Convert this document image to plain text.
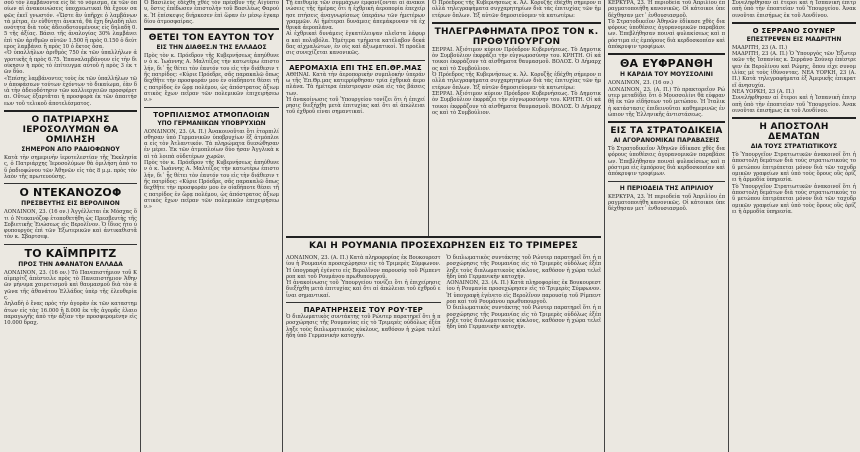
σοῦ τὸν λαμβάνοντα εἰς δὲ τὸ νόμισμα, ἐκ τῶν ὁποίων αἱ ἀνακοινώσεις ὑποχρεωτικαὶ θὰ ἔχουν σαφῶς ἐκεῖ γνωστόν. «Ὥστε ἂν ὑπῆρχε ὁ λαμβάνων τὰ μέτρα, ἐν εὐθύτητι ἀνεκτά, θὰ ἔχη δηλαδὴ πλειονότητα διὰ τοὺς ἀδειοδοτουμένους εἰς δηλαδὴ 0.5 τῆς ἀξίας. Βάσει τῆς ἀναλογίας 30% λαμβάνει ἐπὶ τῶν ἀριθμῶν αὐτῶν 1.500 ἢ πρὸς 0.150 ὁ δεύτερος λαμβάνει ἢ πρὸς 10 ὁ ἕκτος ὅσα.

«Ὁ ὑπαλλήλων ἀριθμὸς 750 ἐκ τῶν ὑπαλλήλων ἀγροτικῆς ἡ πρὸς 6.75. Ἐπαναλαμβάνουν εἰς τὴν διοίκησιν ἡ πρὸς τὸ ἐπίτευγμα αὐτοῦ ἡ πρὸς 3 ἐκ τῶν δύο.

«Ἐπίσης λαμβάνοντες τοὺς ἐκ τῶν ὑπαλλήλων τῶν ἀποφάσεων τούτων ἐχόντων τὸ δικαίωμα, ἐὰν διὰ τὴν ἀδειοδότησιν τῶν καλλιεργειῶν προσφέρεται. Οὕτως ἐξαρτᾶται ἡ προσφορὰ ἐκ τῶν ἀπαιτήσεων τοῦ τελικοῦ ἀποτελέσματος.

Ο ΠΑΤΡΙΑΡΧΗΣ ΙΕΡΟΣΟΛΥΜΩΝ ΘΑ ΟΜΙΛΗΣΗ

ΣΗΜΕΡΟΝ ΑΠΟ ΡΑΔΙΟΦΩΝΟΥ

Κατὰ τὴν σημερινὴν ἱεροτελεστίαν τῆς Ἐκκλησίας, ὁ Πατριάρχης Ἱεροσολύμων θὰ ὁμιλήση ἀπὸ τοῦ ῥαδιοφώνου τῶν Ἀθηνῶν εἰς τὰς 8 μ.μ. πρὸς τὸν λαὸν τῆς πρωτευούσης.

Ο ΝΤΕΚΑΝΟΖΟΦ

ΠΡΕΣΒΕΥΤΗΣ ΕΙΣ ΒΕΡΟΛΙΝΟΝ

ΛΟΝΔΙΝΟΝ, 23. (16 ον.) Ἀγγέλλεται ἐκ Μόσχας ὅτι ὁ Ντεκανόζοφ ἐτοποθετήθη ὡς Πρεσβευτὴς τῆς Σοβιετικῆς Ἑνώσεως εἰς Βερολῖνον. Ὁ ἴδιος ἦτο ὑφυπουργὸς ἐπὶ τῶν Ἐξωτερικῶν καὶ ἀντικαθιστᾶ τὸν κ. Σβαρτσεφ.

ΤΟ ΚΑΪΜΠΡΙΤΖ

ΠΡΟΣ ΤΗΝ ΑΦΑΝΑΤΟΝ ΕΛΛΑΔΑ

ΛΟΝΔΙΝΟΝ, 23. (16 ον.) Τὸ Πανεπιστήμιον τοῦ Καϊμπρίτζ ἀπέστειλε πρὸς τὸ Πανεπιστήμιον Ἀθηνῶν μήνυμα χαιρετισμοῦ καὶ θαυμασμοῦ διὰ τὸν ἀγῶνα τῆς ἀθανάτου Ἑλλάδος ὑπὲρ τῆς ἐλευθερίας.

Δηλαδὴ ὁ ἕνας πρὸς τὴν ἀγορὰν ἐκ τῶν καταστημάτων εἰς τὰς 16.000 ἢ 8.000 ἐκ τῆς ἀγορᾶς ἐλαιοπαραγωγῆς ἀπὸ τὴν ἀξίαν τὴν προσφερομένην εἰς 10.000 δραχ.

Ὁ Βασιλεὺς ἐδέχθη χθὲς τὸν πρέσβυν τῆς Αἰγύπτου, ὅστις ἐπέδωσεν ἐπιστολὴν τοῦ Βασιλέως Φαρούκ. Ἡ ἐπίσκεψις διήρκεσεν ἐπὶ ὥραν ἐν μέσῳ ἐγκαρδίου ἀτμοσφαίρας.

ΘΕΤΕΙ ΤΟΝ ΕΑΥΤΟΝ ΤΟΥ

ΕΙΣ ΤΗΝ ΔΙΑΘΕΣ.Ν ΤΗΣ ΕΛΛΑΔΟΣ

Πρὸς τὸν κ. Πρόεδρον τῆς Κυβερνήσεως ἀπηύθυνεν ὁ κ. Ἰωάννης Α. Μαλτέζος τὴν κατωτέρω ἐπιστολήν, δι᾽ ἧς θέτει τὸν ἑαυτόν του εἰς τὴν διάθεσιν τῆς πατρίδος: «Κύριε Πρόεδρε, σᾶς παρακαλῶ ὅπως δεχθῆτε τὴν προσφοράν μου ἐν οἱαδήποτε θέσει τῆς πατρίδος ἐν ὥρᾳ πολέμου, ὡς ἀπόστρατος ἀξιωματικὸς ἔχων πεῖραν τῶν πολεμικῶν ἐπιχειρήσεων.»

ΤΟΡΠΙΛΙΣΜΟΣ ΑΤΜΟΠΛΟΙΩΝ

ΥΠΟ ΓΕΡΜΑΝΙΚΩΝ ΥΠΟΒΡΥΧΙΩΝ

ΛΟΝΔΙΝΟΝ, 23. (Α. Π.) Ἀνακοινοῦται ὅτι ἐτορπιλίσθησαν ὑπὸ Γερμανικῶν ὑποβρυχίων ἓξ ἀτμόπλοια εἰς τὸν Ἀτλαντικόν. Τὰ πληρώματα διεσώθησαν ἐν μέρει. Ἐκ τῶν ἀτμοπλοίων δύο ἦσαν Ἀγγλικὰ καὶ τὰ λοιπὰ οὐδετέρων χωρῶν.

Πρὸς τὸν κ. Πρόεδρον τῆς Κυβερνήσεως ἀπηύθυνεν ὁ κ. Ἰωάννης Α. Μαλτέζος τὴν κατωτέρω ἐπιστολήν, δι᾽ ἧς θέτει τὸν ἑαυτόν του εἰς τὴν διάθεσιν τῆς πατρίδος: «Κύριε Πρόεδρε, σᾶς παρακαλῶ ὅπως δεχθῆτε τὴν προσφοράν μου ἐν οἱαδήποτε θέσει τῆς πατρίδος ἐν ὥρᾳ πολέμου, ὡς ἀπόστρατος ἀξιωματικὸς ἔχων πεῖραν τῶν πολεμικῶν ἐπιχειρήσεων.»

Τῇ ἐπιθυμίᾳ τῶν συμμάχων ἐμφανίζονται αἱ ἀνακοινώσεις τῆς ἡμέρας ὅτι ἡ ἐχθρικὴ ἀεροπορία ἐπεχείρησε πτήσεις ἀναγνωρίσεως ὑπεράνω τῶν ἡμετέρων γραμμῶν. Αἱ ἡμέτεραι δυνάμεις ἀπεμάκρυναν τὰ ἐχθρικὰ ἀεροπλάνα.

Αἱ ἐχθρικαὶ δυνάμεις ἐγκατέλειψαν πλεῖστα λάφυρα καὶ πολυβόλα. Ἡμέτερα τμήματα κατέλαβον δεκάδας αἰχμαλώτων, ἐν οἷς καὶ ἀξιωματικοί. Ἡ προέλασις συνεχίζεται κανονικῶς.

ΑΕΡΟΜΑΧΙΑ ΕΠΙ ΤΗΣ ΕΠ.ΘΡ.ΜΑΣ

ΑΘΗΝΑΙ. Κατὰ τὴν ἀεροπορικὴν συμπλοκὴν ὑπεράνω τῆς Ἐπ.Θρ.μας κατερρίφθησαν τρία ἐχθρικὰ ἀεροπλάνα. Τὰ ἡμέτερα ἐπέστρεψαν σῶα εἰς τὰς βάσεις των.

Ἡ ἀνακοίνωσις τοῦ Ὑπουργείου τονίζει ὅτι ἡ ἐπιχείρησις διεξήχθη μετὰ ἐπιτυχίας καὶ ὅτι αἱ ἀπώλειαι τοῦ ἐχθροῦ εἶναι σημαντικαί.

Ὁ Πρόεδρος τῆς Κυβερνήσεως κ. Ἀλ. Κορυζῆς ἐδέχθη σήμερον πολλὰ τηλεγραφήματα συγχαρητηρίων διὰ τὰς ἐπιτυχίας τῶν ἡμετέρων ὅπλων. Ἐξ αὐτῶν δημοσιεύομεν τὰ κατωτέρω:

ΤΗΛΕΓΡΑΦΗΜΑΤΑ ΠΡΟΣ ΤΟΝ κ. ΠΡΟΘΥΠΟΥΡΓΟΝ

ΣΕΡΡΑΙ. Ἀξιότιμον κύριον Πρόεδρον Κυβερνήσεως. Τὸ Δημοτικὸν Συμβούλιον ἐκφράζει τὴν εὐγνωμοσύνην του. ΚΡΗΤΗ. Οἱ κάτοικοι ἐκφράζουν τὰ αἰσθήματα θαυμασμοῦ. ΒΟΛΟΣ. Ὁ Δήμαρχος καὶ τὸ Συμβούλιον.

Ὁ Πρόεδρος τῆς Κυβερνήσεως κ. Ἀλ. Κορυζῆς ἐδέχθη σήμερον πολλὰ τηλεγραφήματα συγχαρητηρίων διὰ τὰς ἐπιτυχίας τῶν ἡμετέρων ὅπλων. Ἐξ αὐτῶν δημοσιεύομεν τὰ κατωτέρω:

ΣΕΡΡΑΙ. Ἀξιότιμον κύριον Πρόεδρον Κυβερνήσεως. Τὸ Δημοτικὸν Συμβούλιον ἐκφράζει τὴν εὐγνωμοσύνην του. ΚΡΗΤΗ. Οἱ κάτοικοι ἐκφράζουν τὰ αἰσθήματα θαυμασμοῦ. ΒΟΛΟΣ. Ὁ Δήμαρχος καὶ τὸ Συμβούλιον.

ΚΑΙ Η ΡΟΥΜΑΝΙΑ ΠΡΟΣΕΧΩΡΗΣΕΝ ΕΙΣ ΤΟ ΤΡΙΜΕΡΕΣ

ΛΟΝΔΙΝΟΝ, 23. (Α. Π.) Κατὰ πληροφορίας ἐκ Βουκουρεστίου ἡ Ρουμανία προσεχώρησεν εἰς τὸ Τριμερὲς Σύμφωνον. Ἡ ὑπογραφὴ ἐγένετο εἰς Βερολῖνον παρουσίᾳ τοῦ Ρίμπεντροπ καὶ τοῦ Ρουμάνου πρωθυπουργοῦ.

Ἡ ἀνακοίνωσις τοῦ Ὑπουργείου τονίζει ὅτι ἡ ἐπιχείρησις διεξήχθη μετὰ ἐπιτυχίας καὶ ὅτι αἱ ἀπώλειαι τοῦ ἐχθροῦ εἶναι σημαντικαί.

ΠΑΡΑΤΗΡΗΣΕΙΣ ΤΟΥ ΡΟΥ·ΤΕΡ

Ὁ διπλωματικὸς συντάκτης τοῦ Ρώυτερ παρατηρεῖ ὅτι ἡ προσχώρησις τῆς Ρουμανίας εἰς τὸ Τριμερὲς οὐδόλως ἐξέπληξε τοὺς διπλωματικοὺς κύκλους, καθόσον ἡ χώρα τελεῖ ἤδη ὑπὸ Γερμανικὴν κατοχήν.

Ὁ διπλωματικὸς συντάκτης τοῦ Ρώυτερ παρατηρεῖ ὅτι ἡ προσχώρησις τῆς Ρουμανίας εἰς τὸ Τριμερὲς οὐδόλως ἐξέπληξε τοὺς διπλωματικοὺς κύκλους, καθόσον ἡ χώρα τελεῖ ἤδη ὑπὸ Γερμανικὴν κατοχήν.

ΛΟΝΔΙΝΟΝ, 23. (Α. Π.) Κατὰ πληροφορίας ἐκ Βουκουρεστίου ἡ Ρουμανία προσεχώρησεν εἰς τὸ Τριμερὲς Σύμφωνον. Ἡ ὑπογραφὴ ἐγένετο εἰς Βερολῖνον παρουσίᾳ τοῦ Ρίμπεντροπ καὶ τοῦ Ρουμάνου πρωθυπουργοῦ.

Ὁ διπλωματικὸς συντάκτης τοῦ Ρώυτερ παρατηρεῖ ὅτι ἡ προσχώρησις τῆς Ρουμανίας εἰς τὸ Τριμερὲς οὐδόλως ἐξέπληξε τοὺς διπλωματικοὺς κύκλους, καθόσον ἡ χώρα τελεῖ ἤδη ὑπὸ Γερμανικὴν κατοχήν.

ΚΕΡΚΥΡΑ, 23. Ἡ περιοδεία τοῦ Ἀπριλίου ἐπραγματοποιήθη κανονικῶς. Οἱ κάτοικοι ὑπεδέχθησαν μετ᾽ ἐνθουσιασμοῦ.

Τὸ Στρατοδικεῖον Ἀθηνῶν ἐδίκασε χθὲς διαφόρους ὑποθέσεις ἀγορανομικῶν παραβάσεων. Ἐπεβλήθησαν ποιναὶ φυλακίσεως καὶ πρόστιμα εἰς ἐμπόρους διὰ κερδοσκοπίαν καὶ ἀπόκρυψιν τροφίμων.

ΘΑ ΕΥΦΡΑΝΘΗ

Η ΚΑΡΔΙΑ ΤΟΥ ΜΟΥΣΣΟΛΙΝΙ

ΛΟΝΔΙΝΟΝ, 23. (16 ον.)

ΛΟΝΔΙΝΟΝ, 23. (Α. Π.) Τὸ πρακτορεῖον Ρώυτερ μεταδίδει ὅτι ὁ Μουσσολίνι θὰ εὐφρανθῆ ἐκ τῶν εἰδήσεων τοῦ μετώπου. Ἡ Ἰταλικὴ κατάστασις ἐπιδεινοῦται καθημερινῶς ἐνώπιον τῆς Ἑλληνικῆς ἀντιστάσεως.

ΕΙΣ ΤΑ ΣΤΡΑΤΟΔΙΚΕΙΑ

ΑΙ ΑΓΟΡΑΝΟΜΙΚΑΙ ΠΑΡΑΒΑΣΕΙΣ

Τὸ Στρατοδικεῖον Ἀθηνῶν ἐδίκασε χθὲς διαφόρους ὑποθέσεις ἀγορανομικῶν παραβάσεων. Ἐπεβλήθησαν ποιναὶ φυλακίσεως καὶ πρόστιμα εἰς ἐμπόρους διὰ κερδοσκοπίαν καὶ ἀπόκρυψιν τροφίμων.

Η ΠΕΡΙΟΔΕΙΑ ΤΗΣ ΑΠΡΙΛΙΟΥ

ΚΕΡΚΥΡΑ, 23. Ἡ περιοδεία τοῦ Ἀπριλίου ἐπραγματοποιήθη κανονικῶς. Οἱ κάτοικοι ὑπεδέχθησαν μετ᾽ ἐνθουσιασμοῦ.

Συνελήφθησαν αἱ ἔτεροι καὶ ἡ Ἰσπανικὴ ἐπιτροπὴ ὑπὸ τὴν ἐποπτείαν τοῦ Ὑπουργείου. Ἀνακοινοῦται ἐπισήμως ἐκ τοῦ Λονδίνου.

Ο ΣΕΡΡΑΝΟ ΣΟΥΝΕΡ

ΕΠΕΣΤΡΕΨΕΝ ΕΙΣ ΜΑΔΡΙΤΗΝ

ΜΑΔΡΙΤΗ, 23 (Α. Π.)

ΜΑΔΡΙΤΗ, 23 (Α. Π.) Ὁ Ὑπουργὸς τῶν Ἐξωτερικῶν τῆς Ἰσπανίας κ. Σερράνο Σούνερ ἐπέστρεψεν ἐκ Βερολίνου καὶ Ρώμης, ὅπου εἶχε συνομιλίας μὲ τοὺς ἰθύνοντας. ΝΕΑ ΥΟΡΚΗ, 23 (Α. Π.) Κατὰ τηλεγραφήματα ἐξ Ἀμερικῆς ἐπικρατεῖ ἀνησυχία.

ΝΕΑ ΥΟΡΚΗ, 23 (Α. Π.)

Συνελήφθησαν αἱ ἔτεροι καὶ ἡ Ἰσπανικὴ ἐπιτροπὴ ὑπὸ τὴν ἐποπτείαν τοῦ Ὑπουργείου. Ἀνακοινοῦται ἐπισήμως ἐκ τοῦ Λονδίνου.

Η ΑΠΟΣΤΟΛΗ ΔΕΜΑΤΩΝ

ΔΙΑ ΤΟΥΣ ΣΤΡΑΤΙΩΤΙΚΟΥΣ

Τὸ Ὑπουργεῖον Στρατιωτικῶν ἀνακοινοῖ ὅτι ἡ ἀποστολὴ δεμάτων διὰ τοὺς στρατιωτικοὺς τοῦ μετώπου ἐπιτρέπεται μόνον διὰ τῶν ταχυδρομικῶν γραφείων καὶ ὑπὸ τοὺς ὅρους οὓς ὁρίζει ἡ ἀρμοδία ὑπηρεσία.

Τὸ Ὑπουργεῖον Στρατιωτικῶν ἀνακοινοῖ ὅτι ἡ ἀποστολὴ δεμάτων διὰ τοὺς στρατιωτικοὺς τοῦ μετώπου ἐπιτρέπεται μόνον διὰ τῶν ταχυδρομικῶν γραφείων καὶ ὑπὸ τοὺς ὅρους οὓς ὁρίζει ἡ ἀρμοδία ὑπηρεσία.
